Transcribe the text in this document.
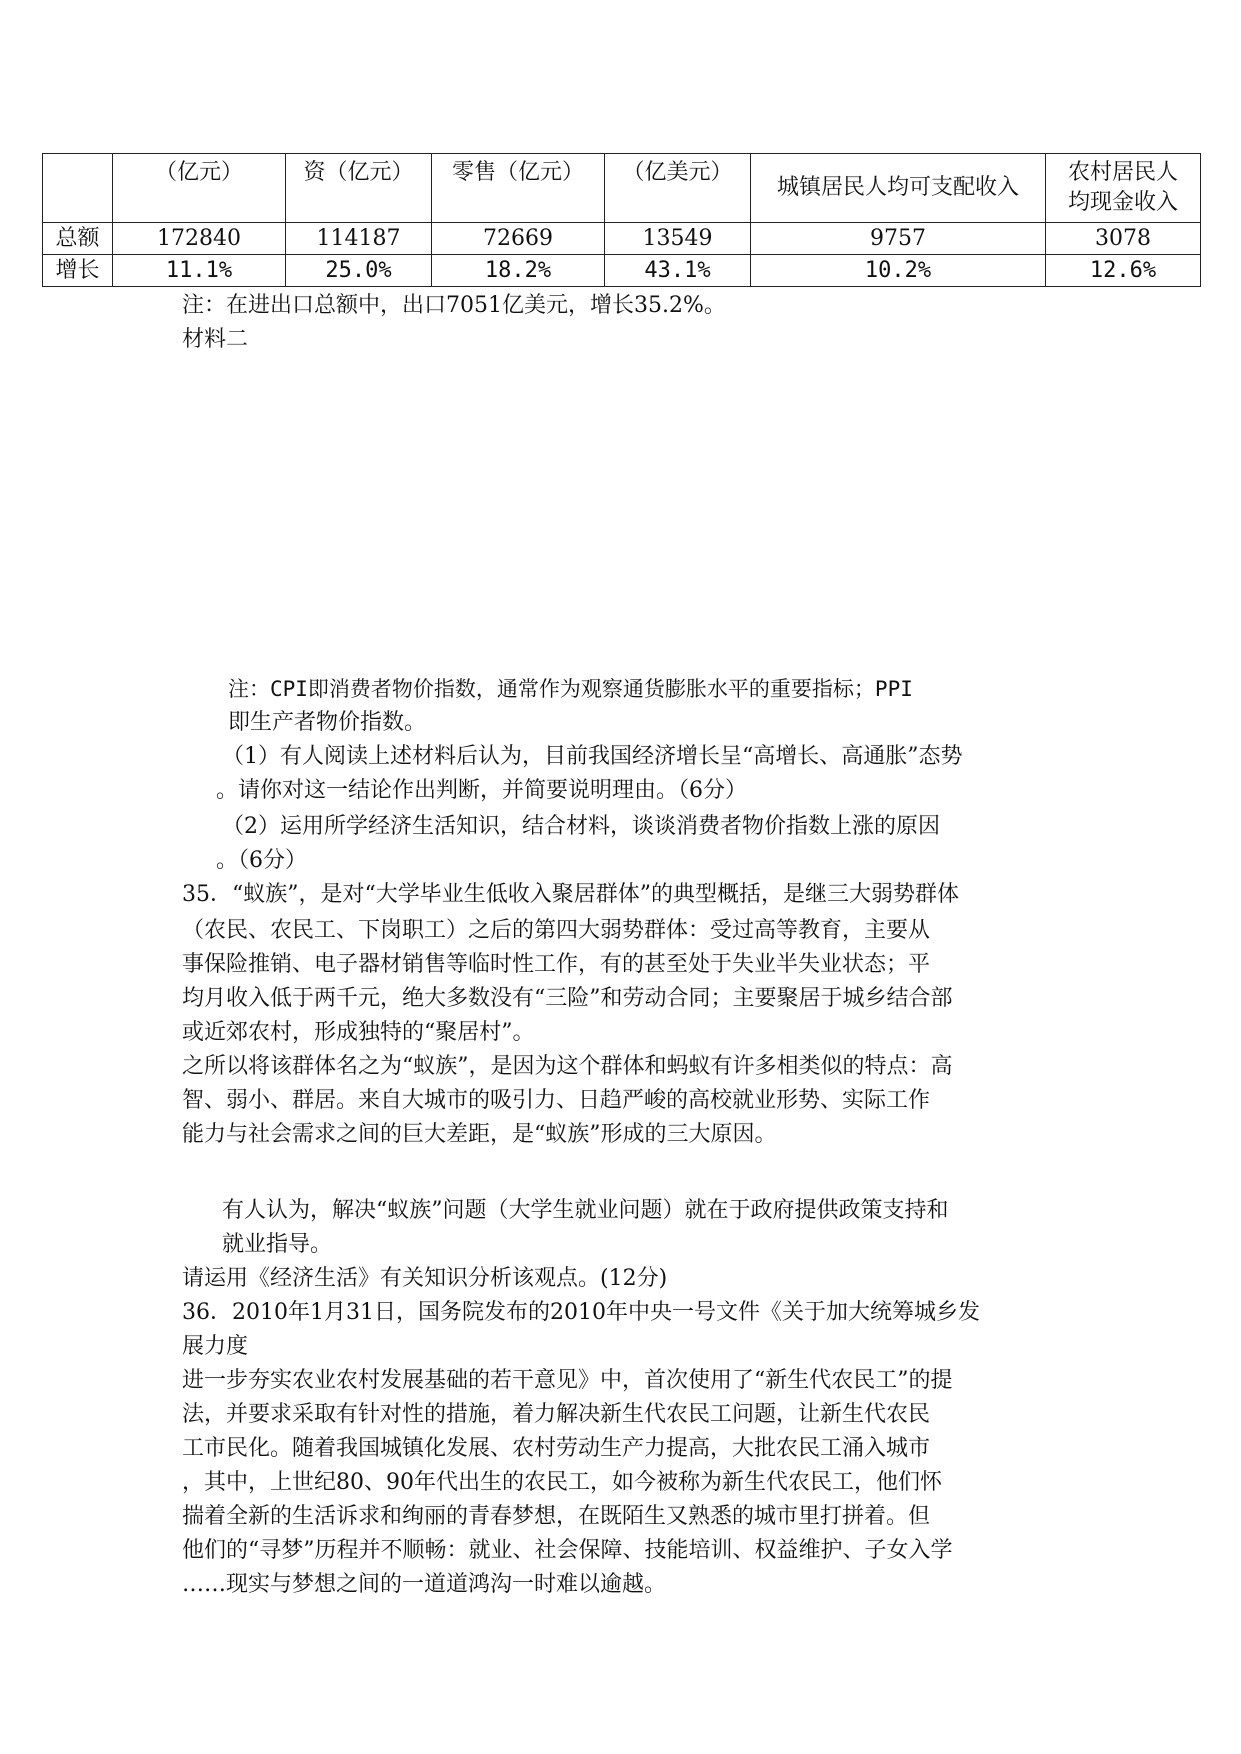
	（亿元）	资（亿元）	零售（亿元）	（亿美元）	城镇居民人均可支配收入	农村居民人
均现金收入

总额	172840	114187	72669	13549	9757	3078
增长	11.1%	25.0%	18.2%	43.1%	10.2%	12.6%
注：在进出口总额中，出口7051亿美元，增长35.2%。
材料二
注：CPI即消费者物价指数，通常作为观察通货膨胀水平的重要指标；PPI
即生产者物价指数。
（1）有人阅读上述材料后认为，目前我国经济增长呈“高增长、高通胀”态势
。请你对这一结论作出判断，并简要说明理由。（6分）
（2）运用所学经济生活知识，结合材料，谈谈消费者物价指数上涨的原因
。（6分）
35．“蚁族”，是对“大学毕业生低收入聚居群体”的典型概括，是继三大弱势群体
（农民、农民工、下岗职工）之后的第四大弱势群体：受过高等教育，主要从
事保险推销、电子器材销售等临时性工作，有的甚至处于失业半失业状态；平
均月收入低于两千元，绝大多数没有“三险”和劳动合同；主要聚居于城乡结合部
或近郊农村，形成独特的“聚居村”。
之所以将该群体名之为“蚁族”，是因为这个群体和蚂蚁有许多相类似的特点：高
智、弱小、群居。来自大城市的吸引力、日趋严峻的高校就业形势、实际工作
能力与社会需求之间的巨大差距，是“蚁族”形成的三大原因。
有人认为，解决“蚁族”问题（大学生就业问题）就在于政府提供政策支持和
就业指导。
请运用《经济生活》有关知识分析该观点。(12分)
36．2010年1月31日，国务院发布的2010年中央一号文件《关于加大统筹城乡发
展力度
进一步夯实农业农村发展基础的若干意见》中，首次使用了“新生代农民工”的提
法，并要求采取有针对性的措施，着力解决新生代农民工问题，让新生代农民
工市民化。随着我国城镇化发展、农村劳动生产力提高，大批农民工涌入城市
，其中，上世纪80、90年代出生的农民工，如今被称为新生代农民工，他们怀
揣着全新的生活诉求和绚丽的青春梦想，在既陌生又熟悉的城市里打拼着。但
他们的“寻梦”历程并不顺畅：就业、社会保障、技能培训、权益维护、子女入学
……现实与梦想之间的一道道鸿沟一时难以逾越。
